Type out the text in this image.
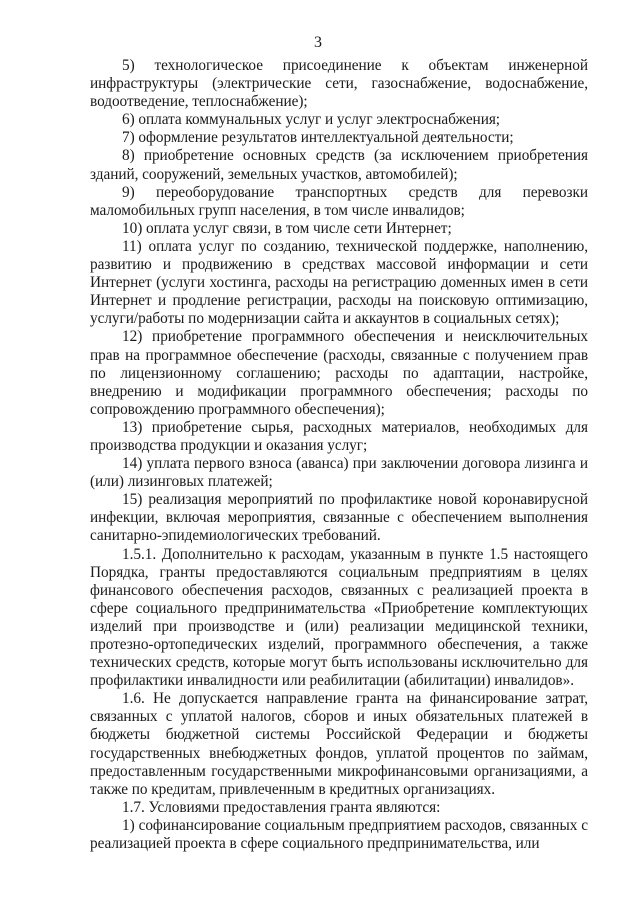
3

5) технологическое присоединение к объектам инженерной инфраструктуры (электрические сети, газоснабжение, водоснабжение, водоотведение, теплоснабжение);

6) оплата коммунальных услуг и услуг электроснабжения;

7) оформление результатов интеллектуальной деятельности;

8) приобретение основных средств (за исключением приобретения зданий, сооружений, земельных участков, автомобилей);

9) переоборудование транспортных средств для перевозки маломобильных групп населения, в том числе инвалидов;

10) оплата услуг связи, в том числе сети Интернет;

11) оплата услуг по созданию, технической поддержке, наполнению, развитию и продвижению в средствах массовой информации и сети Интернет (услуги хостинга, расходы на регистрацию доменных имен в сети Интернет и продление регистрации, расходы на поисковую оптимизацию, услуги/работы по модернизации сайта и аккаунтов в социальных сетях);

12) приобретение программного обеспечения и неисключительных прав на программное обеспечение (расходы, связанные с получением прав по лицензионному соглашению; расходы по адаптации, настройке, внедрению и модификации программного обеспечения; расходы по сопровождению программного обеспечения);

13) приобретение сырья, расходных материалов, необходимых для производства продукции и оказания услуг;

14) уплата первого взноса (аванса) при заключении договора лизинга и (или) лизинговых платежей;

15) реализация мероприятий по профилактике новой коронавирусной инфекции, включая мероприятия, связанные с обеспечением выполнения санитарно-эпидемиологических требований.

1.5.1. Дополнительно к расходам, указанным в пункте 1.5 настоящего Порядка, гранты предоставляются социальным предприятиям в целях финансового обеспечения расходов, связанных с реализацией проекта в сфере социального предпринимательства «Приобретение комплектующих изделий при производстве и (или) реализации медицинской техники, протезно-ортопедических изделий, программного обеспечения, а также технических средств, которые могут быть использованы исключительно для профилактики инвалидности или реабилитации (абилитации) инвалидов».

1.6. Не допускается направление гранта на финансирование затрат, связанных с уплатой налогов, сборов и иных обязательных платежей в бюджеты бюджетной системы Российской Федерации и бюджеты государственных внебюджетных фондов, уплатой процентов по займам, предоставленным государственными микрофинансовыми организациями, а также по кредитам, привлеченным в кредитных организациях.

1.7. Условиями предоставления гранта являются:

1) софинансирование социальным предприятием расходов, связанных с реализацией проекта в сфере социального предпринимательства, или
